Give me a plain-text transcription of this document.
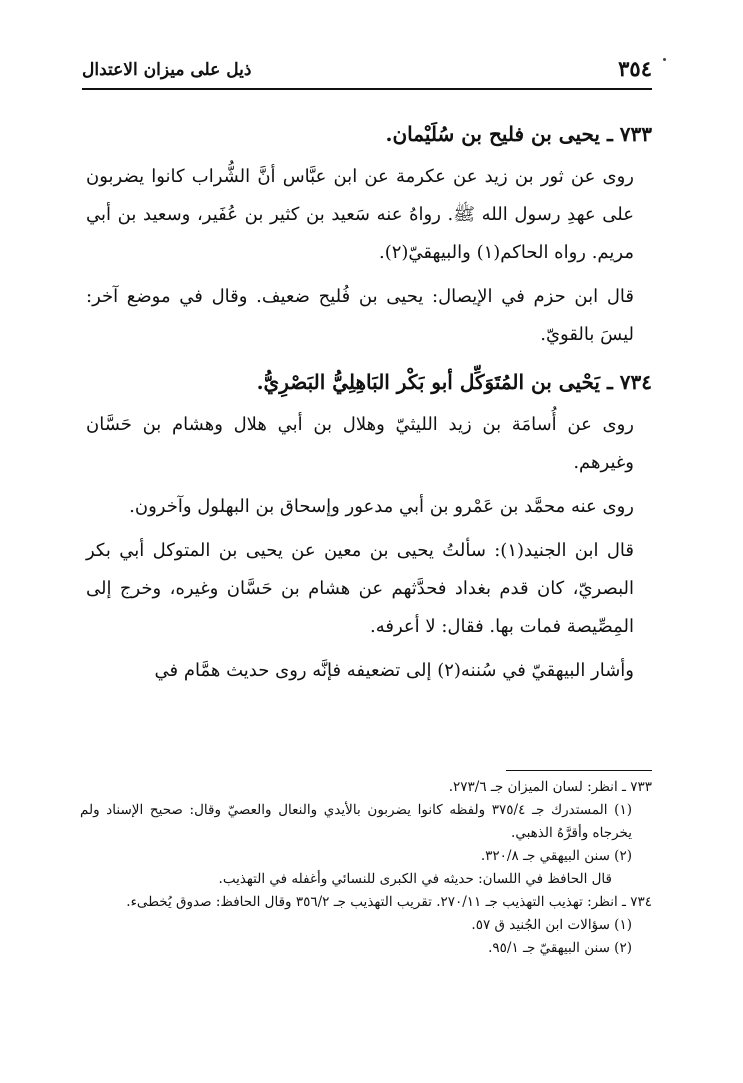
ذيل على ميزان الاعتدال	٣٥٤
٧٣٣ ـ يحيى بن فليح بن سُلَيْمان.

روى عن ثور بن زيد عن عكرمة عن ابن عبَّاس أنَّ الشُّراب كانوا يضربون على عهدِ رسول الله ﷺ. رواهُ عنه سَعيد بن كثير بن عُفَير، وسعيد بن أبي مريم. رواه الحاكم(١) والبيهقيّ(٢).

قال ابن حزم في الإيصال: يحيى بن فُليح ضعيف. وقال في موضع آخر: ليسَ بالقويّ.

٧٣٤ ـ يَحْيى بن المُتَوَكِّل أبو بَكْر البَاهِلِيُّ البَصْرِيُّ.

روى عن أُسامَة بن زيد الليثيّ وهلال بن أبي هلال وهشام بن حَسَّان وغيرهم.

روى عنه محمَّد بن عَمْرو بن أبي مدعور وإسحاق بن البهلول وآخرون.

قال ابن الجنيد(١): سألتُ يحيى بن معين عن يحيى بن المتوكل أبي بكر البصريّ، كان قدم بغداد فحدَّثهم عن هشام بن حَسَّان وغيره، وخرج إلى المِصِّيصة فمات بها. فقال: لا أعرفه.

وأشار البيهقيّ في سُننه(٢) إلى تضعيفه فإنَّه روى حديث همَّام في

٧٣٣ ـ انظر: لسان الميزان جـ ٢٧٣/٦.

(١) المستدرك جـ ٣٧٥/٤ ولفظه كانوا يضربون بالأيدي والنعال والعصيّ وقال: صحيح الإسناد ولم يخرجاه وأقرَّهُ الذهبي.

(٢) سنن البيهقي جـ ٣٢٠/٨.

قال الحافظ في اللسان: حديثه في الكبرى للنسائي وأغفله في التهذيب.

٧٣٤ ـ انظر: تهذيب التهذيب جـ ٢٧٠/١١. تقريب التهذيب جـ ٣٥٦/٢ وقال الحافظ: صدوق يُخطىء.

(١) سؤالات ابن الجُنيد ق ٥٧.

(٢) سنن البيهقيّ جـ ٩٥/١.
